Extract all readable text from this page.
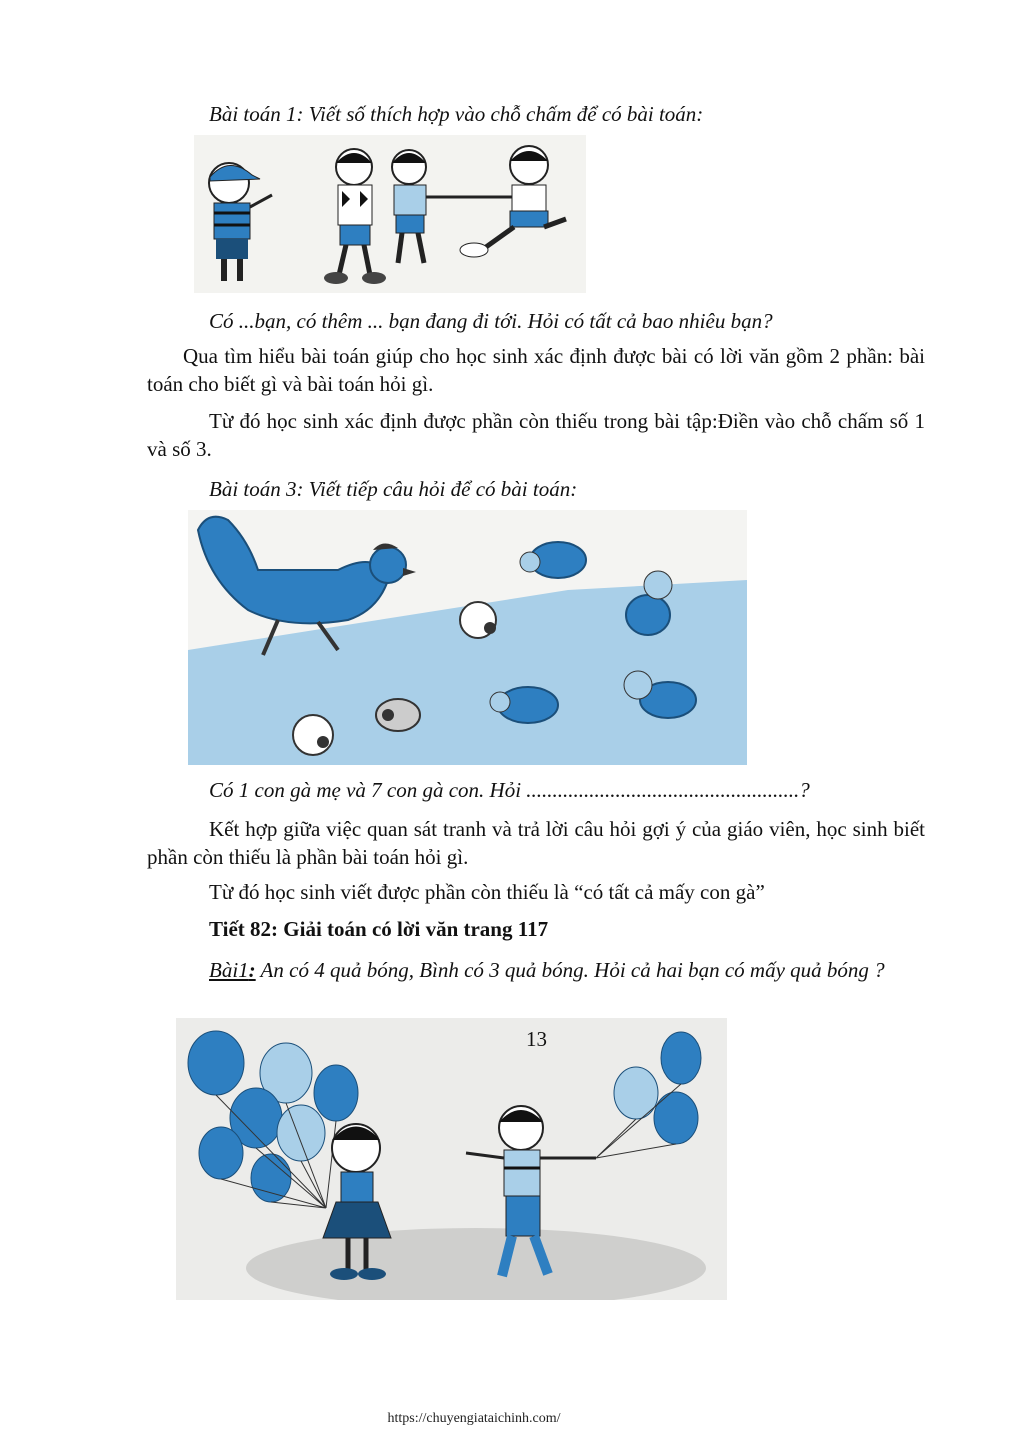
Bài toán 1: Viết số thích hợp vào chỗ chấm để có bài toán:

Có ...bạn, có thêm ... bạn đang đi tới. Hỏi có tất cả bao nhiêu bạn?

Qua tìm hiểu bài toán giúp cho học sinh xác định được bài có lời văn gồm 2 phần: bài toán cho biết gì và bài toán hỏi gì.

Từ đó học sinh xác định được phần còn thiếu trong bài tập:Điền vào chỗ chấm số 1 và số 3.

Bài toán 3: Viết tiếp câu hỏi để có bài toán:

Có 1 con gà mẹ và 7 con gà con. Hỏi ....................................................?

Kết hợp giữa việc quan sát tranh và trả lời câu hỏi gợi ý của giáo viên, học sinh biết phần còn thiếu là phần bài toán hỏi gì.

Từ đó học sinh viết được phần còn thiếu là “có tất cả mấy con gà”

Tiết 82: Giải toán có lời văn trang 117

Bài1: An có 4 quả bóng, Bình có 3 quả bóng. Hỏi cả hai bạn có mấy quả bóng ?

13
https://chuyengiataichinh.com/
